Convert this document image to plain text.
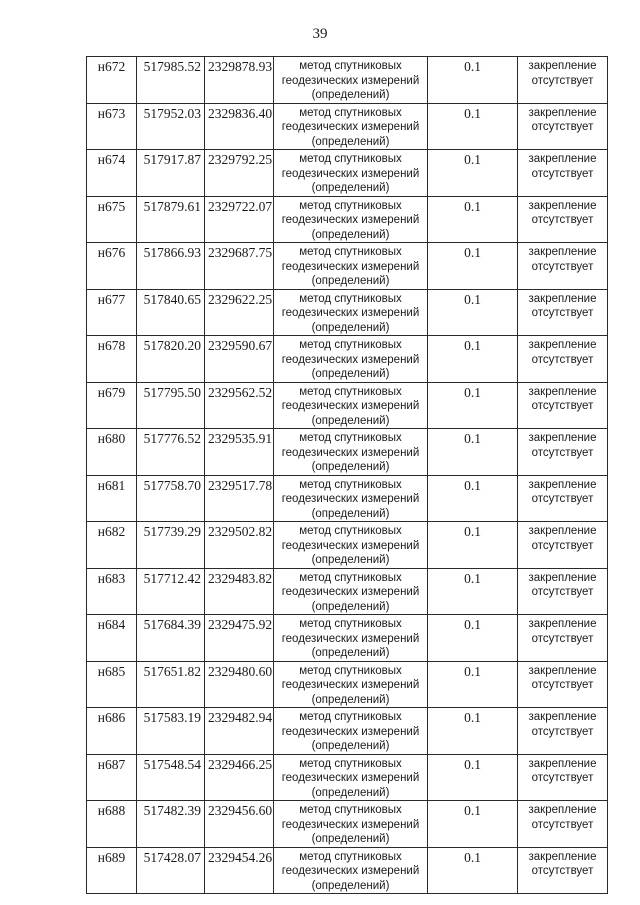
39
н672	517985.52	2329878.93	метод спутниковых
геодезических измерений
(определений)	0.1	закрепление
отсутствует

н673	517952.03	2329836.40	метод спутниковых
геодезических измерений
(определений)	0.1	закрепление
отсутствует

н674	517917.87	2329792.25	метод спутниковых
геодезических измерений
(определений)	0.1	закрепление
отсутствует

н675	517879.61	2329722.07	метод спутниковых
геодезических измерений
(определений)	0.1	закрепление
отсутствует

н676	517866.93	2329687.75	метод спутниковых
геодезических измерений
(определений)	0.1	закрепление
отсутствует

н677	517840.65	2329622.25	метод спутниковых
геодезических измерений
(определений)	0.1	закрепление
отсутствует

н678	517820.20	2329590.67	метод спутниковых
геодезических измерений
(определений)	0.1	закрепление
отсутствует

н679	517795.50	2329562.52	метод спутниковых
геодезических измерений
(определений)	0.1	закрепление
отсутствует

н680	517776.52	2329535.91	метод спутниковых
геодезических измерений
(определений)	0.1	закрепление
отсутствует

н681	517758.70	2329517.78	метод спутниковых
геодезических измерений
(определений)	0.1	закрепление
отсутствует

н682	517739.29	2329502.82	метод спутниковых
геодезических измерений
(определений)	0.1	закрепление
отсутствует

н683	517712.42	2329483.82	метод спутниковых
геодезических измерений
(определений)	0.1	закрепление
отсутствует

н684	517684.39	2329475.92	метод спутниковых
геодезических измерений
(определений)	0.1	закрепление
отсутствует

н685	517651.82	2329480.60	метод спутниковых
геодезических измерений
(определений)	0.1	закрепление
отсутствует

н686	517583.19	2329482.94	метод спутниковых
геодезических измерений
(определений)	0.1	закрепление
отсутствует

н687	517548.54	2329466.25	метод спутниковых
геодезических измерений
(определений)	0.1	закрепление
отсутствует

н688	517482.39	2329456.60	метод спутниковых
геодезических измерений
(определений)	0.1	закрепление
отсутствует

н689	517428.07	2329454.26	метод спутниковых
геодезических измерений
(определений)	0.1	закрепление
отсутствует
